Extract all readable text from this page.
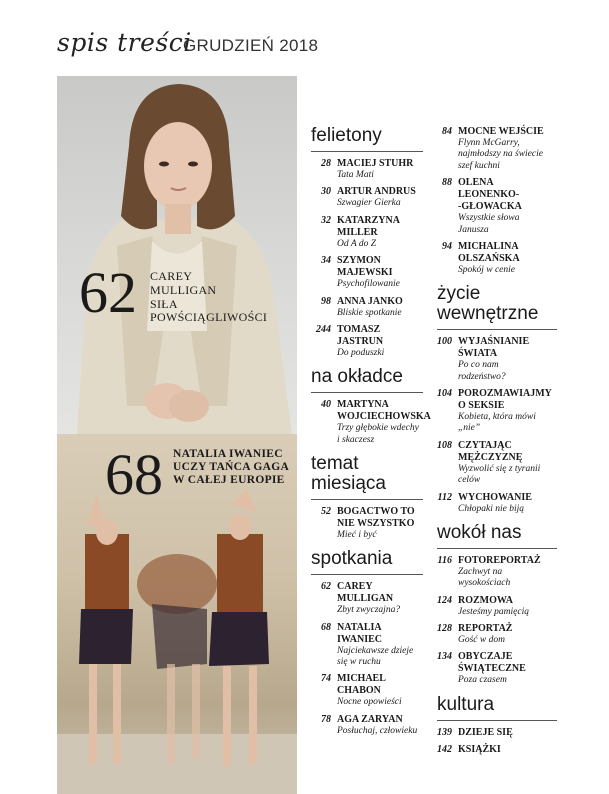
spis treści
GRUDZIEŃ 2018
62 CAREY
MULLIGAN
SIŁA
POWŚCIĄGLIWOŚCI
68 NATALIA IWANIEC
UCZY TAŃCA GAGA
W CAŁEJ EUROPIE
felietony
28 MACIEJ STUHR
Tata Mati
30 ARTUR ANDRUS
Szwagier Gierka
32 KATARZYNA
MILLER
Od A do Z
34 SZYMON
MAJEWSKI
Psychofilowanie
98 ANNA JANKO
Bliskie spotkanie
244 TOMASZ
JASTRUN
Do poduszki
na okładce
40 MARTYNA
WOJCIECHOWSKA
Trzy głębokie wdechy
i skaczesz
temat
miesiąca
52 BOGACTWO TO
NIE WSZYSTKO
Mieć i być
spotkania
62 CAREY
MULLIGAN
Zbyt zwyczajna?
68 NATALIA
IWANIEC
Najciekawsze dzieje
się w ruchu
74 MICHAEL
CHABON
Nocne opowieści
78 AGA ZARYAN
Posłuchaj, człowieku
84 MOCNE WEJŚCIE
Flynn McGarry,
najmłodszy na świecie
szef kuchni
88 OLENA
LEONENKO-
-GŁOWACKA
Wszystkie słowa
Janusza
94 MICHALINA
OLSZAŃSKA
Spokój w cenie
życie
wewnętrzne
100 WYJAŚNIANIE
ŚWIATA
Po co nam
rodzeństwo?
104 POROZMAWIAJMY
O SEKSIE
Kobieta, która mówi
„nie”
108 CZYTAJĄC
MĘŻCZYZNĘ
Wyzwolić się z tyranii
celów
112 WYCHOWANIE
Chłopaki nie biją
wokół nas
116 FOTOREPORTAŻ
Zachwyt na
wysokościach
124 ROZMOWA
Jesteśmy pamięcią
128 REPORTAŻ
Gość w dom
134 OBYCZAJE
ŚWIĄTECZNE
Poza czasem
kultura
139 DZIEJE SIĘ
142 KSIĄŻKI
